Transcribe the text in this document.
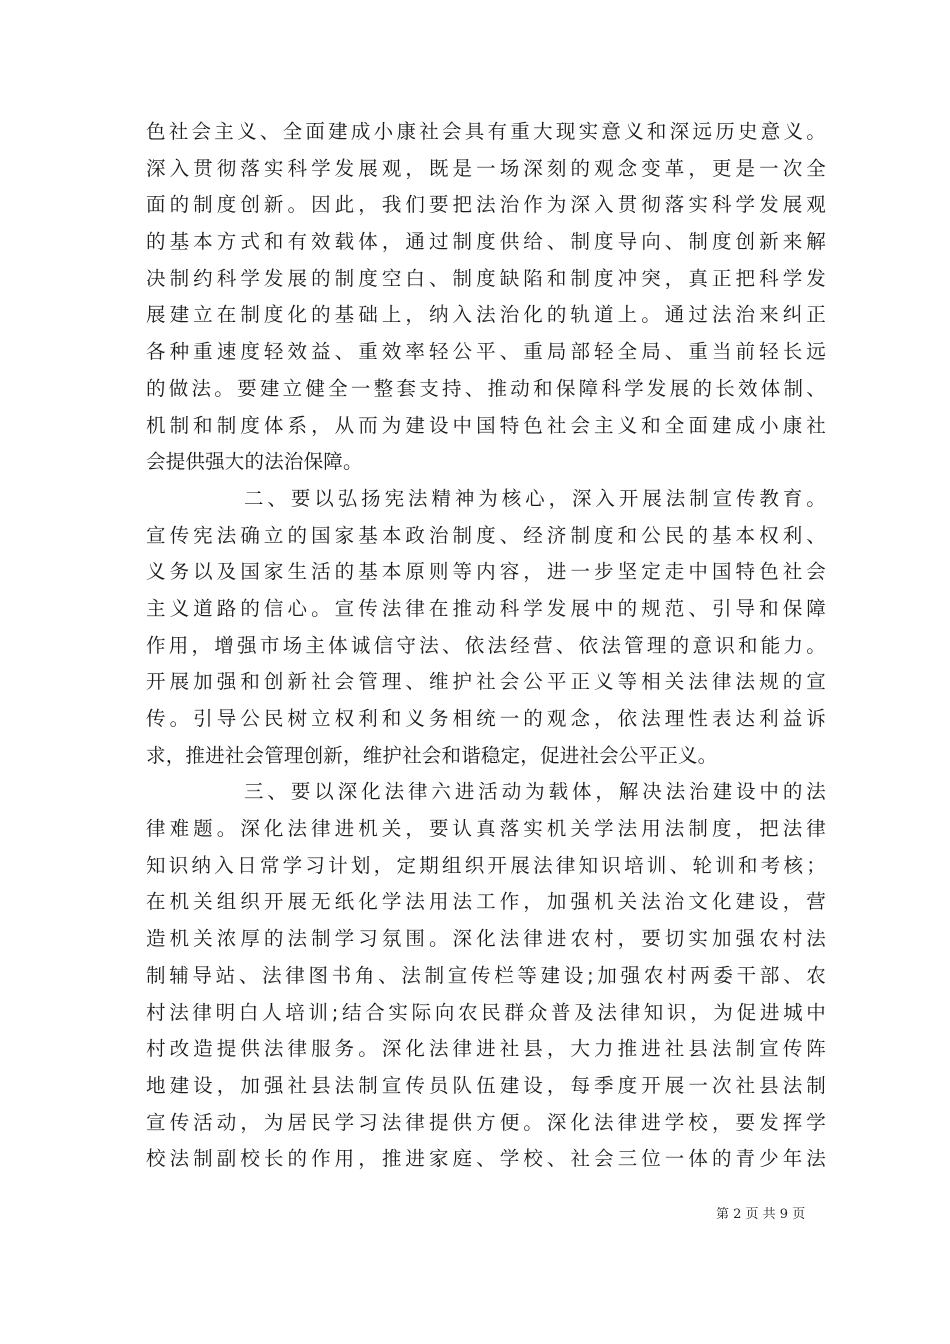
色社会主义、全面建成小康社会具有重大现实意义和深远历史意义。
深入贯彻落实科学发展观，既是一场深刻的观念变革，更是一次全
面的制度创新。因此，我们要把法治作为深入贯彻落实科学发展观
的基本方式和有效载体，通过制度供给、制度导向、制度创新来解
决制约科学发展的制度空白、制度缺陷和制度冲突，真正把科学发
展建立在制度化的基础上，纳入法治化的轨道上。通过法治来纠正
各种重速度轻效益、重效率轻公平、重局部轻全局、重当前轻长远
的做法。要建立健全一整套支持、推动和保障科学发展的长效体制、
机制和制度体系，从而为建设中国特色社会主义和全面建成小康社
会提供强大的法治保障。
二、要以弘扬宪法精神为核心，深入开展法制宣传教育。
宣传宪法确立的国家基本政治制度、经济制度和公民的基本权利、
义务以及国家生活的基本原则等内容，进一步坚定走中国特色社会
主义道路的信心。宣传法律在推动科学发展中的规范、引导和保障
作用，增强市场主体诚信守法、依法经营、依法管理的意识和能力。
开展加强和创新社会管理、维护社会公平正义等相关法律法规的宣
传。引导公民树立权利和义务相统一的观念，依法理性表达利益诉
求，推进社会管理创新，维护社会和谐稳定，促进社会公平正义。
三、要以深化法律六进活动为载体，解决法治建设中的法
律难题。深化法律进机关，要认真落实机关学法用法制度，把法律
知识纳入日常学习计划，定期组织开展法律知识培训、轮训和考核；
在机关组织开展无纸化学法用法工作，加强机关法治文化建设，营
造机关浓厚的法制学习氛围。深化法律进农村，要切实加强农村法
制辅导站、法律图书角、法制宣传栏等建设;加强农村两委干部、农
村法律明白人培训;结合实际向农民群众普及法律知识，为促进城中
村改造提供法律服务。深化法律进社县，大力推进社县法制宣传阵
地建设，加强社县法制宣传员队伍建设，每季度开展一次社县法制
宣传活动，为居民学习法律提供方便。深化法律进学校，要发挥学
校法制副校长的作用，推进家庭、学校、社会三位一体的青少年法
第 2 页 共 9 页
